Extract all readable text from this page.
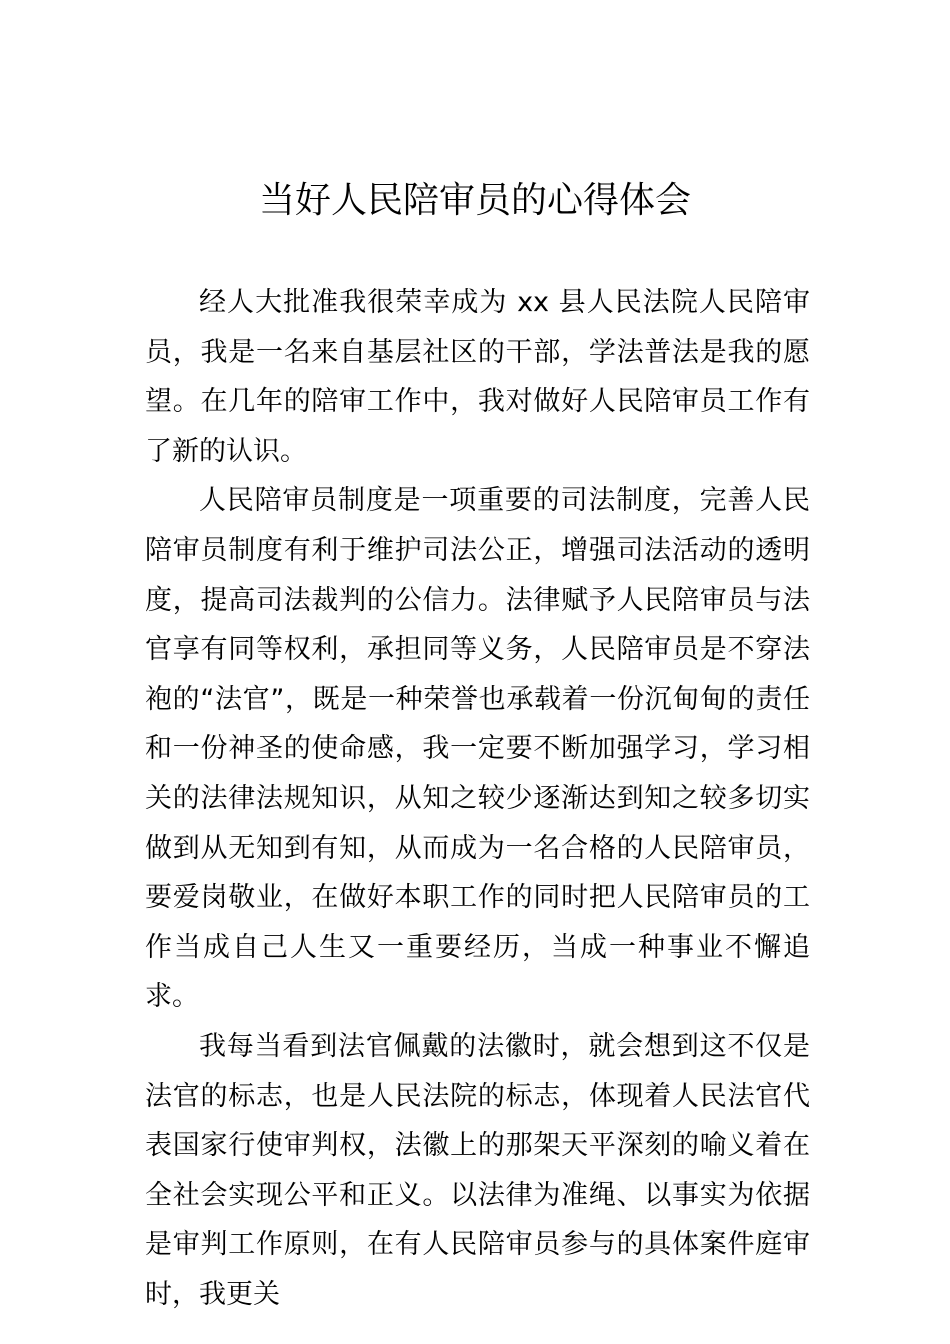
当好人民陪审员的心得体会

经人大批准我很荣幸成为 xx 县人民法院人民陪审员，我是一名来自基层社区的干部，学法普法是我的愿望。在几年的陪审工作中，我对做好人民陪审员工作有了新的认识。

人民陪审员制度是一项重要的司法制度，完善人民陪审员制度有利于维护司法公正，增强司法活动的透明度，提高司法裁判的公信力。法律赋予人民陪审员与法官享有同等权利，承担同等义务，人民陪审员是不穿法袍的“法官”，既是一种荣誉也承载着一份沉甸甸的责任和一份神圣的使命感，我一定要不断加强学习，学习相关的法律法规知识，从知之较少逐渐达到知之较多切实做到从无知到有知，从而成为一名合格的人民陪审员，要爱岗敬业，在做好本职工作的同时把人民陪审员的工作当成自己人生又一重要经历，当成一种事业不懈追求。

我每当看到法官佩戴的法徽时，就会想到这不仅是法官的标志，也是人民法院的标志，体现着人民法官代表国家行使审判权，法徽上的那架天平深刻的喻义着在全社会实现公平和正义。以法律为准绳、以事实为依据是审判工作原则，在有人民陪审员参与的具体案件庭审时，我更关
